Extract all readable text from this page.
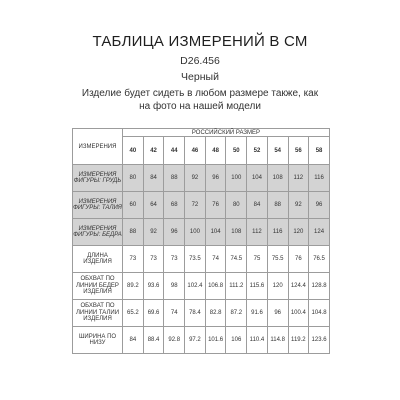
ТАБЛИЦА ИЗМЕРЕНИЙ В СМ
D26.456
Черный
Изделие будет сидеть в любом размере также, как на фото на нашей модели
ИЗМЕРЕНИЯ	РОССИЙСКИЙ РАЗМЕР									
	40	42	44	46	48	50	52	54	56	58
ИЗМЕРЕНИЯ ФИГУРЫ: ГРУДЬ	80	84	88	92	96	100	104	108	112	116
ИЗМЕРЕНИЯ ФИГУРЫ: ТАЛИЯ	60	64	68	72	76	80	84	88	92	96
ИЗМЕРЕНИЯ ФИГУРЫ: БЕДРА	88	92	96	100	104	108	112	116	120	124
ДЛИНА ИЗДЕЛИЯ	73	73	73	73.5	74	74.5	75	75.5	76	76.5
ОБХВАТ ПО ЛИНИИ БЕДЕР ИЗДЕЛИЯ	89.2	93.6	98	102.4	106.8	111.2	115.6	120	124.4	128.8
ОБХВАТ ПО ЛИНИИ ТАЛИИ ИЗДЕЛИЯ	65.2	69.6	74	78.4	82.8	87.2	91.6	96	100.4	104.8
ШИРИНА ПО НИЗУ	84	88.4	92.8	97.2	101.6	106	110.4	114.8	119.2	123.6
